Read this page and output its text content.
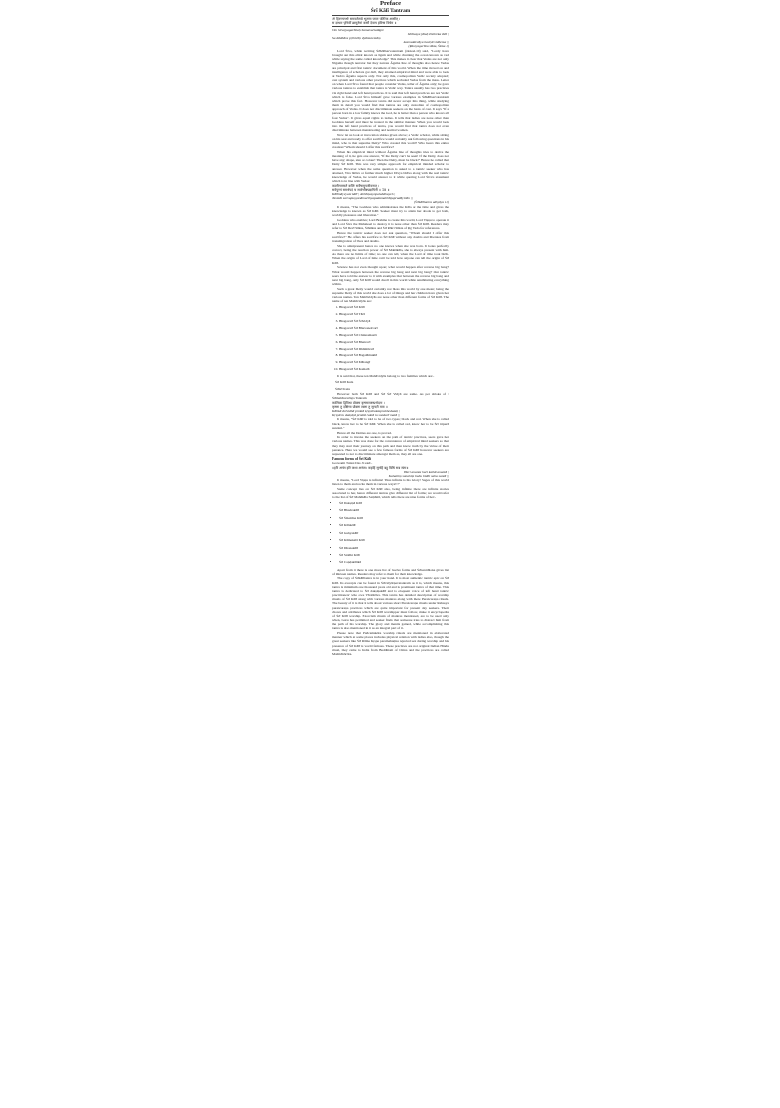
Preface
Śrī Kālī Tantram

ॐ हिरण्यगर्भः समवर्तताग्रे भूतस्य जातः पतिरेक आसीत् ।

स दाधार पृथिवीं द्यामुतेमां कस्मै देवाय हविषा विधेम ॥

Om hiraṇyagarbhaḥ Samavartatāgre

bhūtasya jātaḥ Patireka āsīt |

Sa dādhāra pṛthivīṃ dyāmutemāṃ

kasmaidevāya haviṣā vidhema ||

(Ṛkveyagarbha sūkta, Śloka 1)

Lord Śiva, while reciting Śrīkālīsarvatantram (śloka2.10) said, "Lordy have brought out this elixir known as āgam and while churning the ocean known as ved while saying the same called knowledge" This makes it clear that Vedas are not only Nigama though narrator but they narrate Āgama line of thoughts also hence Vedas are principal and first tantric document of this world. When the time moved on and intelligence of scholars got dull, they attained empirical mind and were able to look at Veda's Āgama aspects only. Not only this, cosmopolitan Vedic society adopted; cast system and various other practices which secluded Vedas from the mass. Letter on when Lord Śiva found that people consider Vedas, teller of Āgama only; he gave various tantras to establish that tantra is Vedic way. Tantra usually has two practices viz right hand and left hand practices. It is said that left hand practices are not Vedic which is false. Lord Śiva himself gave various examples in Śrīkālīsarvatantram which prove this fact. However tantra did never accept this thing, while studying them in detail you would find that tantras are only custodian of cosmopolitan approach of Vedas. It does not discriminate seekers on the basis of cast. It says "If a person born in a low family knows the God, he is better than a person who knows all four Vedas". It gives equal rights to ladies. It tells that ladies are none other than Goddess herself and must be treated in the similar manner. When you would look into the left hand practices of tantra, you would find that tantra does not even discriminate between menstruating and normal women.

Now let us look at invocation shloka given above; a Vedic scholar, while sitting on his seat and ready to offer sacrifice would certainly ask following questions in his mind, who is that supreme Deity? Who created this world? Who hears this entire creation? Whom should I offer this sacrifice?

When his empirical mind without Āgama line of thoughts tries to derive the meaning of it, he gets one answer, "If the Deity can't be seen! If the Deity, does not have any; shape, size or colour! Then the Deity, must be black!" Hence he called that Deity Śrī Kālī. This was very simple approach for empirical minded scholar to answer. However when the same question is asked to a tantric seeker who has attained, Vira bhāva or further much higher Divya bhāva along with the real tantric knowledge of Vedas, he would answer to it while quoting Lord Śiva's statement which is in line with Vedas:

कालीगाययते कलिः सर्वेषामुपजीवनात् ।

सर्वपुण्यं समर्थपदं च सर्वाभीष्टप्रदायिनी ॥ 18 ॥

Kālīmāyeyate kālī | Abhīsṭasyopalabdhayeh |

Tasmāt sarvapuṇyasāmarthyapadamabhīṣṭapradāyinīm ||

(Śrīkālītantra adhyāya 11)

It means, "The Goddess who administrates the Kāla or the time and gives the knowledge is known as Śrī Kālī. Seeker must try to attain her abode to get both, worldly pleasures and liberation."

Goddess who enables; Lord Brahma to create this world, Lord Viṣṇu to operate it and Lord Śiva the Mahakaal to destroy it is none other than Śrī Kālī. Readers may refer to Śrī Devī Sūkta, Śrīsūkta and Śrī Rātri Sūkta of Ṛg Veda for references.

Hence the tantric seeker does not ask question, "Whom should I offer this sacrifice?" He offers his sacrifice to Śrī Kālī without any doubts and liberates from transmigration of lives and deaths.

She is omnipresent hence no one knows when she was born. It looks perfectly correct, being the reaction power of Śrī Mahākāla, she is always present with him. As there are no limits of time; no one can tell, when the Lord of time took birth. When the origin of Lord of time can't be told how anyone can tell the origin of Śrī Kālī.

Science has not even thought upon; what would happen after reverse big bang? What would happen between the reverse big bang and next big bang? Our tantric seers have told the answer to it with examples that between the reverse big bang and next big bang, only Śrī Kālī would dwell in this world while annihilating everything within.

Such a great Deity would certainly not bless this world by one mean; being the supreme Deity of this world she does a lot of things and her children have given her various names. Ten Mahāvidyās are none other than different forms of Śrī Kālī. The name of ten Mahāvidyās are:

1. Bhagavatī Śrī Kālī
2. Bhagavatī Śrī Tārā
3. Bhagavatī Śrī Śrīvidyā
4. Bhagavatī Śrī Bhuvaneśvarī
5. Bhagavatī Śrī Chinnamastā
6. Bhagavatī Śrī Bhairavī
7. Bhagavatī Śrī Dhūmāvatī
8. Bhagavatī Śrī Bagalāmukhī
9. Bhagavatī Śrī Mātangī
10. Bhagavatī Śrī Kamalā

It is said that, these ten Mahāvidyās belong to two families which are:-

Śrī Kālī Kula

Śrīśrī Kula

However both Śrī Kālī and Śrī Śrī Vidyā are same. As per shloka of : Śrīmahāsvarāṣṭa Tantram

कालिका द्विविधा प्रोक्ता कृष्णारक्तप्रभेदतः ।

कृष्णा तु दक्षिणा प्रोक्ता रक्ता तु सुन्दरी मता ॥

Kālikā dvividhā proktā kṛṣṇāraktaprabhedataḥ |

Kṛṣṇā tu dakṣiṇā proktā raktā tu sundarī matā ||

It means, "Śrī Kālī is told to be of two types; black and red. When she is called black, know her to be Śrī Kālī. When she is called red, know her to be Śrī tripurā sundari."

Hence all the Deities are one, is proved.

In order to invoke the seekers on the path of tantric practices, seers gave her various names. This was done for the convenience of empirical mind seekers so that they may start their journey on this path and then know truth by the virtue of their penance. Here we would see a few famous forms of Śrī Kālī however seekers are requested to not to discriminate amongst them as, they all are one.

Famous forms of Śrī Kālī

Goswami Tulasi Das Ji said:-

॥हरि अनंत हरि कथा अनंता। कहहिं सुनहिं बहु बिधि सब संता॥

Hari ananta hari kathā anantā |

Kahahiṃ sunahiṃ bahu bidhi saba santā ||

It means, "Lord Viṣṇu is infinite! Thus infinite is his Glory! Sages of this world listen to them and recite them in various ways!!!"

Same concept lies on Śrī Kālī also, being infinite there are infinite stories associated to her, hence different tantras give different list of forms; we would refer to the list of Śrī Mahākāla Saṃhitā, which tells there are nine forms of her:-

• Śrī Dakṣiṇā Kālī
• Śrī Bhadrakālī
• Śrī Śmaśāna Kālī
• Śrī Kālakālī
• Śrī Guhyakālī
• Śrī Kāmakalā Kālī
• Śrī Dhanakālī
• Śrī Siddhi Kālī
• Śrī Caṇḍakālikā

Apart from it there is one more list of twelve forms and Śrīsantrāloka gives list of thirteen names. Readers may refer to them for their knowledge.

The copy of Śrīkālītantra is in your hand. It is most authentic tantric epic on Śrī Kālī. Its excerpts can be found in Śrīvidyārṇavatantram as it is, which means, this tantra is minimum one thousand years old and is prominent tantra of that time. This tantra is dedicated to Śrī dakṣiṇakālī and is eloquent voice of left hand tantric practitioners' who owe Vīrabhāva. This tantra has detailed description of worship rituals of Śrī Kālī along with various mantras along with there Puraścaraṇa rituals. The beauty of it is that it tells about various short Puraścaraṇa rituals under Rahasya puraścaraṇa practices which are quite important for present day seekers. Their chores and attributes which Śrī Kālī worshipper must follow, make it encyclopedia of Śrī Kālī worship. Exorcism rituals of mantras mentioned, are to be used only when, Guru has permitted and seeker finds that someone tries to distract him from the path of his worship. The glory and mentis gained, while accomplishing this tantra is also mentioned in it as an integral part of it.

Please note that Pañcamakāra worship rituals are mentioned in elaborated manner which at some places includes physical relation with ladies also, though the great seekers like Śrī Rāma Kṛṣṇa paramahaṃsa rejected sex during worship and his presence of Śrī Kālī is world famous. These practices are not original Indian Hindu ritual, they came to India from Buddhism of China and the practices are called Mahācīnācāra.
